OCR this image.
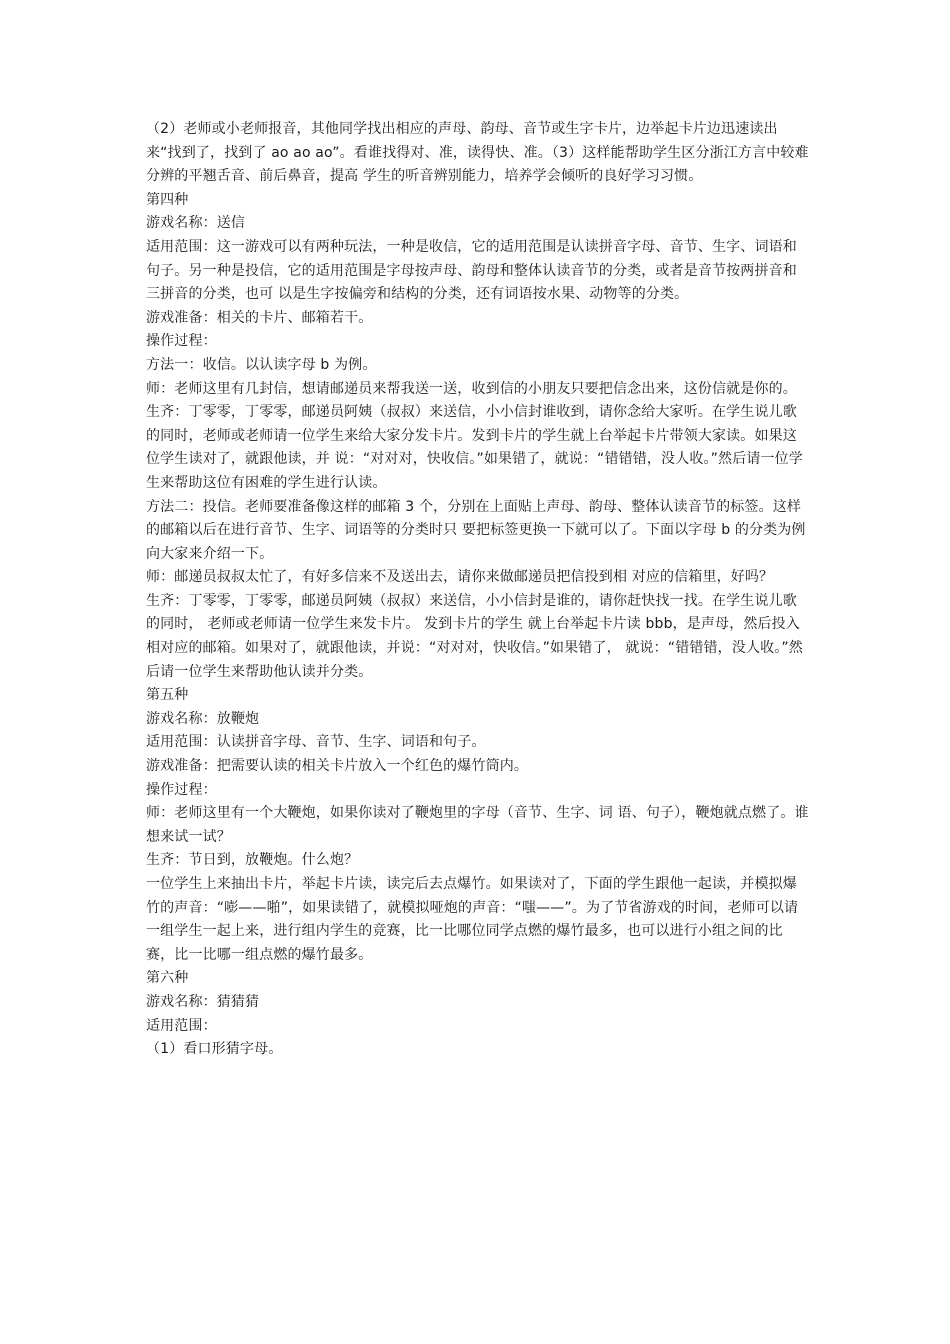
（2）老师或小老师报音，其他同学找出相应的声母、韵母、音节或生字卡片，边举起卡片边迅速读出来“找到了，找到了 ao ao ao”。看谁找得对、准，读得快、准。（3）这样能帮助学生区分浙江方言中较难分辨的平翘舌音、前后鼻音，提高 学生的听音辨别能力，培养学会倾听的良好学习习惯。

第四种

游戏名称：送信

适用范围：这一游戏可以有两种玩法，一种是收信，它的适用范围是认读拼音字母、音节、生字、词语和句子。另一种是投信，它的适用范围是字母按声母、韵母和整体认读音节的分类，或者是音节按两拼音和三拼音的分类，也可 以是生字按偏旁和结构的分类，还有词语按水果、动物等的分类。

游戏准备：相关的卡片、邮箱若干。

操作过程：

方法一：收信。以认读字母 b 为例。

师：老师这里有几封信，想请邮递员来帮我送一送，收到信的小朋友只要把信念出来，这份信就是你的。

生齐：丁零零，丁零零，邮递员阿姨（叔叔）来送信，小小信封谁收到，请你念给大家听。在学生说儿歌的同时，老师或老师请一位学生来给大家分发卡片。发到卡片的学生就上台举起卡片带领大家读。如果这位学生读对了，就跟他读，并 说：“对对对，快收信。”如果错了，就说：“错错错，没人收。”然后请一位学生来帮助这位有困难的学生进行认读。

方法二：投信。老师要准备像这样的邮箱 3 个，分别在上面贴上声母、韵母、整体认读音节的标签。这样的邮箱以后在进行音节、生字、词语等的分类时只 要把标签更换一下就可以了。下面以字母 b 的分类为例向大家来介绍一下。

师：邮递员叔叔太忙了，有好多信来不及送出去，请你来做邮递员把信投到相 对应的信箱里，好吗？

生齐：丁零零，丁零零，邮递员阿姨（叔叔）来送信，小小信封是谁的，请你赶快找一找。在学生说儿歌的同时， 老师或老师请一位学生来发卡片。 发到卡片的学生 就上台举起卡片读 bbb，是声母，然后投入相对应的邮箱。如果对了，就跟他读，并说：“对对对，快收信。”如果错了， 就说：“错错错，没人收。”然 后请一位学生来帮助他认读并分类。

第五种

游戏名称：放鞭炮

适用范围：认读拼音字母、音节、生字、词语和句子。

游戏准备：把需要认读的相关卡片放入一个红色的爆竹筒内。

操作过程：

师：老师这里有一个大鞭炮，如果你读对了鞭炮里的字母（音节、生字、词 语、句子），鞭炮就点燃了。谁想来试一试？

生齐：节日到，放鞭炮。什么炮？

一位学生上来抽出卡片，举起卡片读，读完后去点爆竹。如果读对了，下面的学生跟他一起读，并模拟爆竹的声音：“嘭——啪”，如果读错了，就模拟哑炮的声音：“嗤——”。为了节省游戏的时间，老师可以请一组学生一起上来，进行组内学生的竞赛，比一比哪位同学点燃的爆竹最多，也可以进行小组之间的比赛，比一比哪一组点燃的爆竹最多。

第六种

游戏名称：猜猜猜

适用范围：

（1）看口形猜字母。
